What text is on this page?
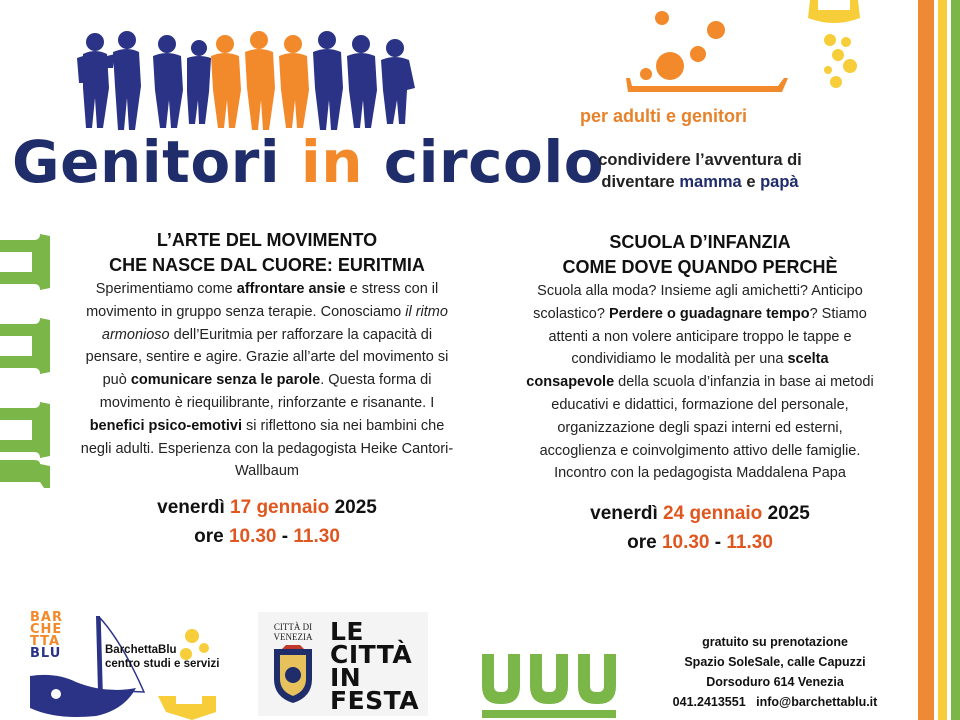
Genitori in circolo
per adulti e genitori
condividere l’avventura di
diventare mamma e papà
L’ARTE DEL MOVIMENTO
CHE NASCE DAL CUORE: EURITMIA
Sperimentiamo come affrontare ansie e stress con il movimento in gruppo senza terapie. Conosciamo il ritmo armonioso dell’Euritmia per rafforzare la capacità di pensare, sentire e agire. Grazie all’arte del movimento si può comunicare senza le parole. Questa forma di movimento è riequilibrante, rinforzante e risanante. I benefici psico-emotivi si riflettono sia nei bambini che negli adulti. Esperienza con la pedagogista Heike Cantori-Wallbaum
venerdì 17 gennaio 2025
ore 10.30 - 11.30
SCUOLA D’INFANZIA
COME DOVE QUANDO PERCHÈ
Scuola alla moda? Insieme agli amichetti? Anticipo scolastico? Perdere o guadagnare tempo? Stiamo attenti a non volere anticipare troppo le tappe e condividiamo le modalità per una scelta consapevole della scuola d’infanzia in base ai metodi educativi e didattici, formazione del personale, organizzazione degli spazi interni ed esterni, accoglienza e coinvolgimento attivo delle famiglie. Incontro con la pedagogista Maddalena Papa
venerdì 24 gennaio 2025
ore 10.30 - 11.30
BAR
CHE
TTA
BLU	BarchettaBlu
centro studi e servizi
CITTÀ DI
VENEZIA LE
CITTÀ
IN
FESTA
gratuito su prenotazione
Spazio SoleSale, calle Capuzzi
Dorsoduro 614 Venezia
041.2413551 info@barchettablu.it
